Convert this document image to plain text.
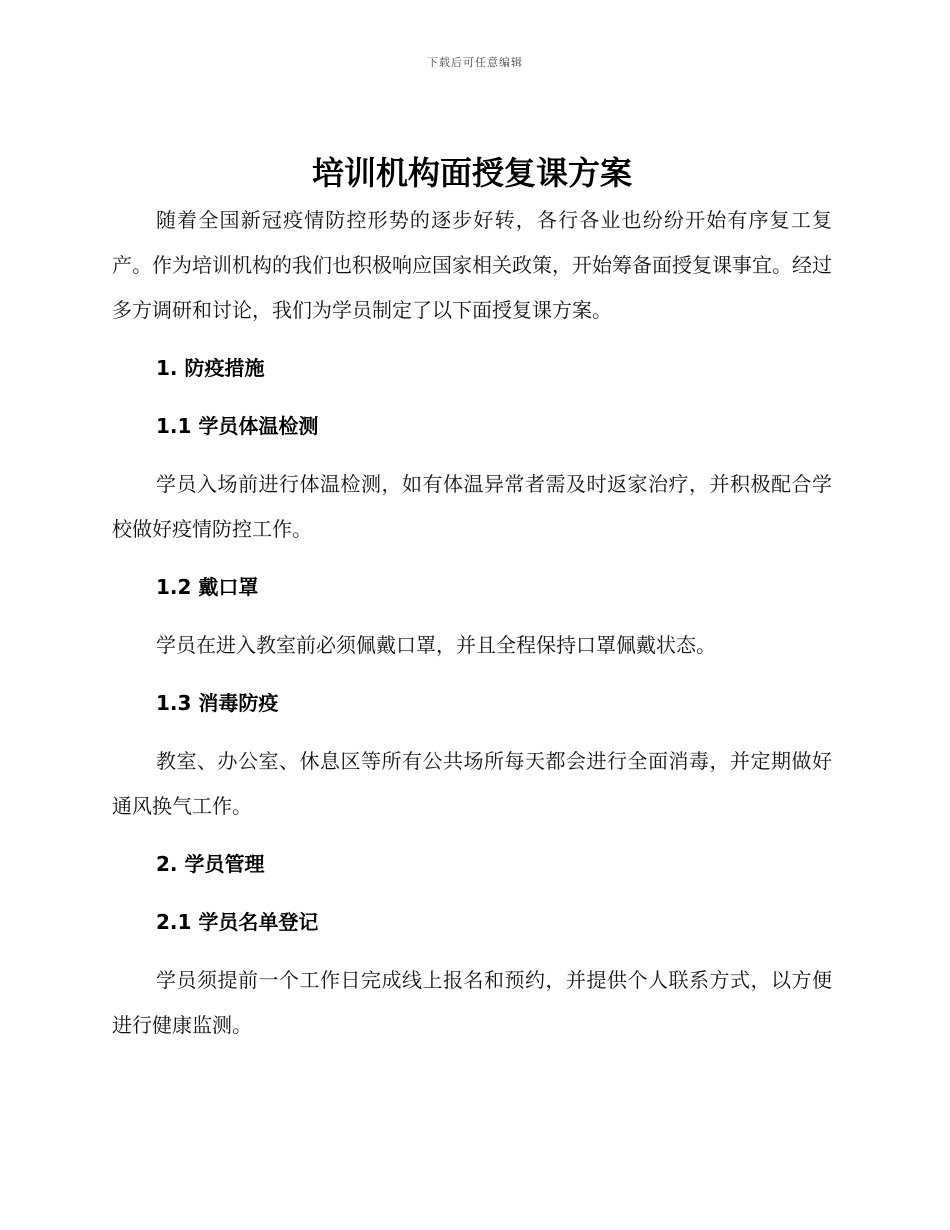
下载后可任意编辑
培训机构面授复课方案

随着全国新冠疫情防控形势的逐步好转，各行各业也纷纷开始有序复工复产。作为培训机构的我们也积极响应国家相关政策，开始筹备面授复课事宜。经过多方调研和讨论，我们为学员制定了以下面授复课方案。

1. 防疫措施
1.1 学员体温检测

学员入场前进行体温检测，如有体温异常者需及时返家治疗，并积极配合学校做好疫情防控工作。

1.2 戴口罩

学员在进入教室前必须佩戴口罩，并且全程保持口罩佩戴状态。

1.3 消毒防疫

教室、办公室、休息区等所有公共场所每天都会进行全面消毒，并定期做好通风换气工作。

2. 学员管理
2.1 学员名单登记

学员须提前一个工作日完成线上报名和预约，并提供个人联系方式，以方便进行健康监测。
